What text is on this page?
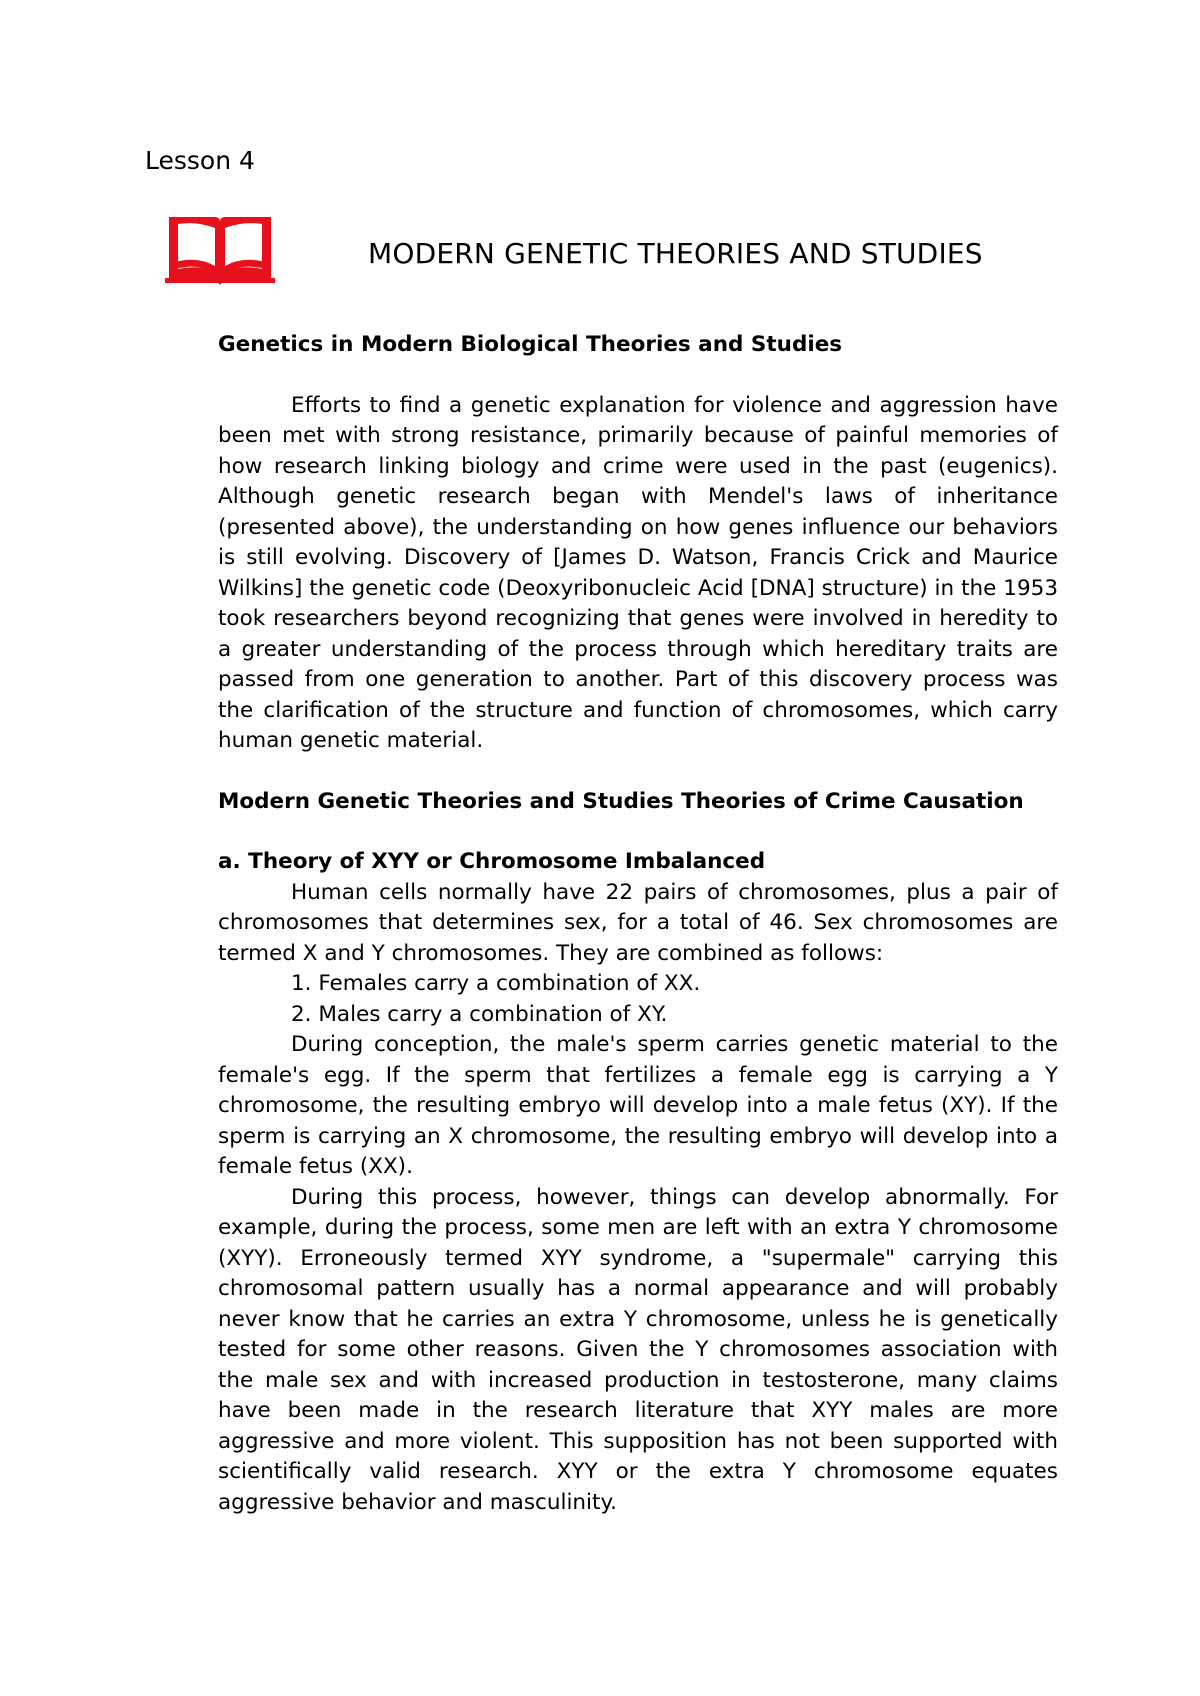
Lesson 4
MODERN GENETIC THEORIES AND STUDIES

Genetics in Modern Biological Theories and Studies

Efforts to find a genetic explanation for violence and aggression have been met with strong resistance, primarily because of painful memories of how research linking biology and crime were used in the past (eugenics). Although genetic research began with Mendel's laws of inheritance (presented above), the understanding on how genes influence our behaviors is still evolving. Discovery of [James D. Watson, Francis Crick and Maurice Wilkins] the genetic code (Deoxyribonucleic Acid [DNA] structure) in the 1953 took researchers beyond recognizing that genes were involved in heredity to a greater understanding of the process through which hereditary traits are passed from one generation to another. Part of this discovery process was the clarification of the structure and function of chromosomes, which carry human genetic material.

Modern Genetic Theories and Studies Theories of Crime Causation

a. Theory of XYY or Chromosome Imbalanced

Human cells normally have 22 pairs of chromosomes, plus a pair of chromosomes that determines sex, for a total of 46. Sex chromosomes are termed X and Y chromosomes. They are combined as follows:

1. Females carry a combination of XX.

2. Males carry a combination of XY.

During conception, the male's sperm carries genetic material to the female's egg. If the sperm that fertilizes a female egg is carrying a Y chromosome, the resulting embryo will develop into a male fetus (XY). If the sperm is carrying an X chromosome, the resulting embryo will develop into a female fetus (XX).

During this process, however, things can develop abnormally. For example, during the process, some men are left with an extra Y chromosome (XYY). Erroneously termed XYY syndrome, a "supermale" carrying this chromosomal pattern usually has a normal appearance and will probably never know that he carries an extra Y chromosome, unless he is genetically tested for some other reasons. Given the Y chromosomes association with the male sex and with increased production in testosterone, many claims have been made in the research literature that XYY males are more aggressive and more violent. This supposition has not been supported with scientifically valid research. XYY or the extra Y chromosome equates aggressive behavior and masculinity.
